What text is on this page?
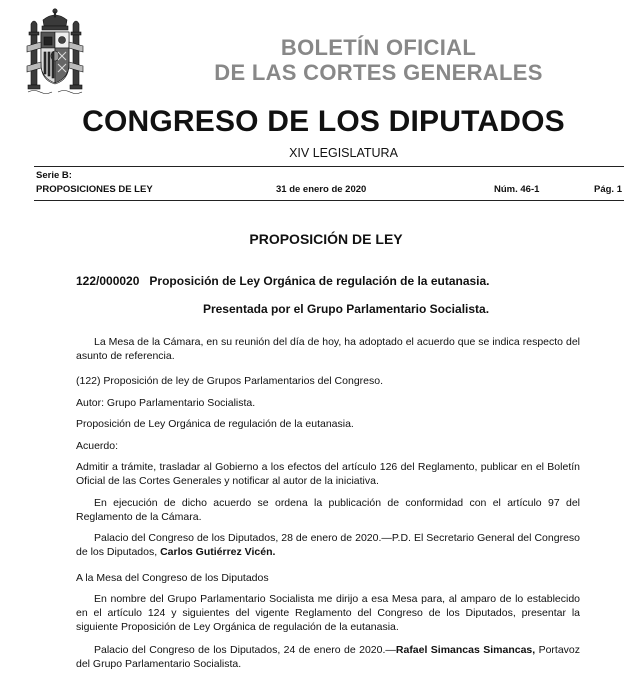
BOLETÍN OFICIAL
DE LAS CORTES GENERALES
CONGRESO DE LOS DIPUTADOS
XIV LEGISLATURA
Serie B:
PROPOSICIONES DE LEY	31 de enero de 2020	Núm. 46-1	Pág. 1
PROPOSICIÓN DE LEY
122/000020 Proposición de Ley Orgánica de regulación de la eutanasia.
Presentada por el Grupo Parlamentario Socialista.

La Mesa de la Cámara, en su reunión del día de hoy, ha adoptado el acuerdo que se indica respecto del asunto de referencia.

(122) Proposición de ley de Grupos Parlamentarios del Congreso.

Autor: Grupo Parlamentario Socialista.

Proposición de Ley Orgánica de regulación de la eutanasia.

Acuerdo:

Admitir a trámite, trasladar al Gobierno a los efectos del artículo 126 del Reglamento, publicar en el Boletín Oficial de las Cortes Generales y notificar al autor de la iniciativa.

En ejecución de dicho acuerdo se ordena la publicación de conformidad con el artículo 97 del Reglamento de la Cámara.

Palacio del Congreso de los Diputados, 28 de enero de 2020.—P.D. El Secretario General del Congreso de los Diputados, Carlos Gutiérrez Vicén.

A la Mesa del Congreso de los Diputados

En nombre del Grupo Parlamentario Socialista me dirijo a esa Mesa para, al amparo de lo establecido en el artículo 124 y siguientes del vigente Reglamento del Congreso de los Diputados, presentar la siguiente Proposición de Ley Orgánica de regulación de la eutanasia.

Palacio del Congreso de los Diputados, 24 de enero de 2020.—Rafael Simancas Simancas, Portavoz del Grupo Parlamentario Socialista.
